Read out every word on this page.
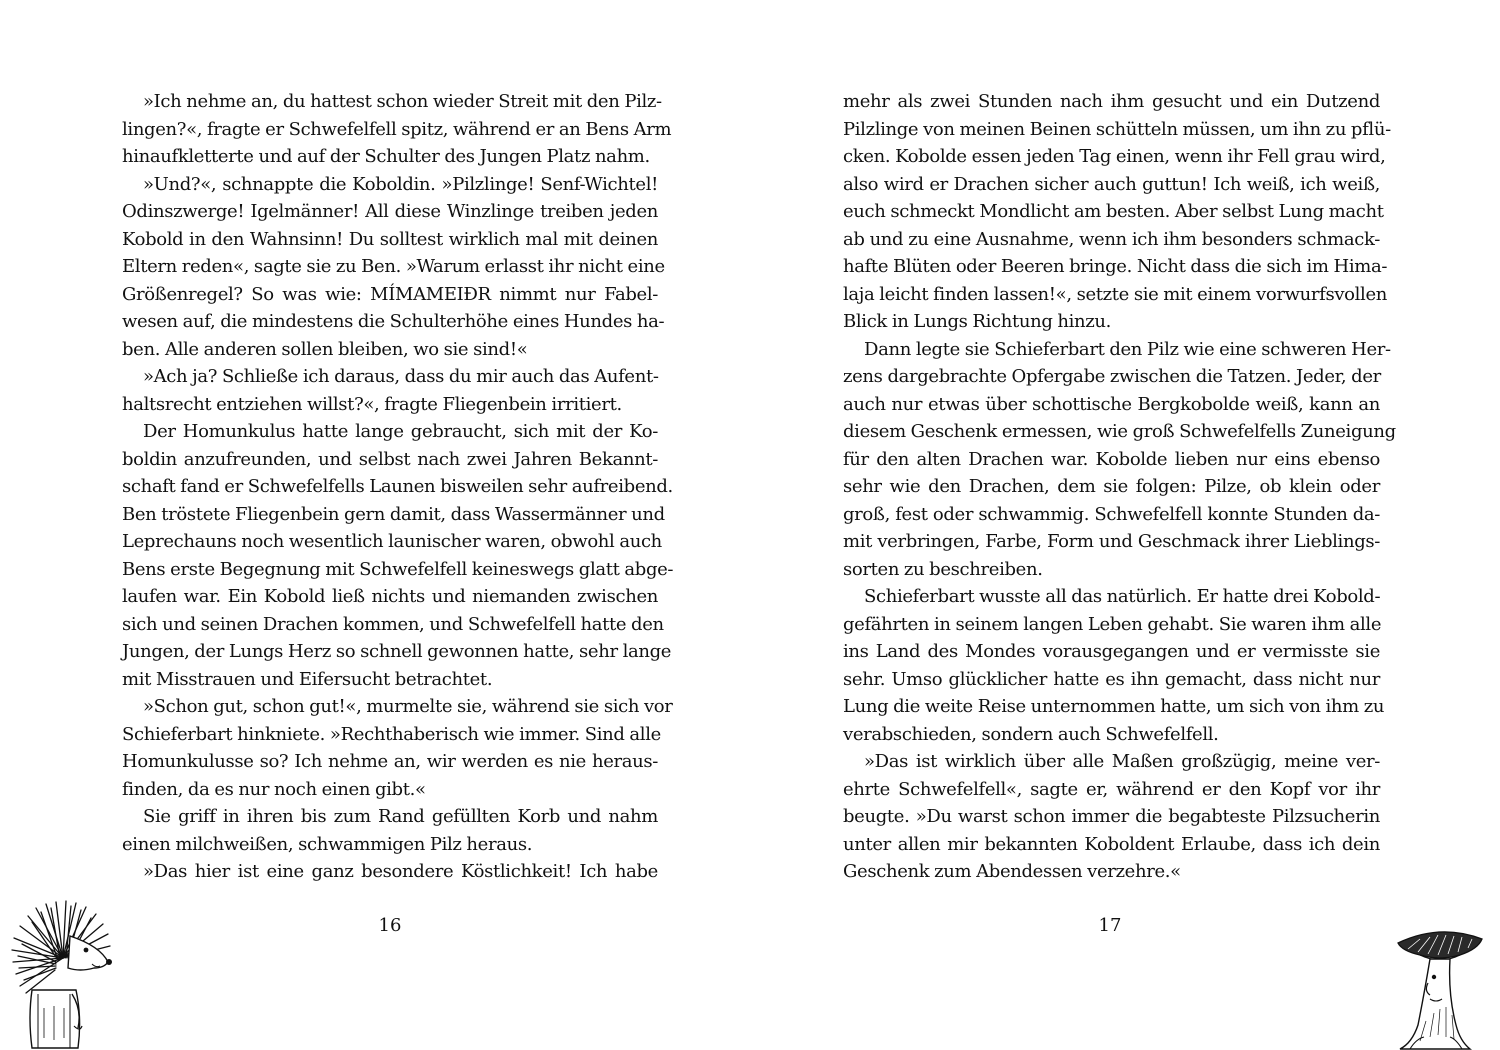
»Ich nehme an, du hattest schon wieder Streit mit den Pilz-
lingen?«, fragte er Schwefelfell spitz, während er an Bens Arm
hinaufkletterte und auf der Schulter des Jungen Platz nahm.
»Und?«, schnappte die Koboldin. »Pilzlinge! Senf-Wichtel!
Odinszwerge! Igelmänner! All diese Winzlinge treiben jeden
Kobold in den Wahnsinn! Du solltest wirklich mal mit deinen
Eltern reden«, sagte sie zu Ben. »Warum erlasst ihr nicht eine
Größenregel? So was wie: MÍMAMEIÐR nimmt nur Fabel-
wesen auf, die mindestens die Schulterhöhe eines Hundes ha-
ben. Alle anderen sollen bleiben, wo sie sind!«
»Ach ja? Schließe ich daraus, dass du mir auch das Aufent-
haltsrecht entziehen willst?«, fragte Fliegenbein irritiert.
Der Homunkulus hatte lange gebraucht, sich mit der Ko-
boldin anzufreunden, und selbst nach zwei Jahren Bekannt-
schaft fand er Schwefelfells Launen bisweilen sehr aufreibend.
Ben tröstete Fliegenbein gern damit, dass Wassermänner und
Leprechauns noch wesentlich launischer waren, obwohl auch
Bens erste Begegnung mit Schwefelfell keineswegs glatt abge-
laufen war. Ein Kobold ließ nichts und niemanden zwischen
sich und seinen Drachen kommen, und Schwefelfell hatte den
Jungen, der Lungs Herz so schnell gewonnen hatte, sehr lange
mit Misstrauen und Eifersucht betrachtet.
»Schon gut, schon gut!«, murmelte sie, während sie sich vor
Schieferbart hinkniete. »Rechthaberisch wie immer. Sind alle
Homunkulusse so? Ich nehme an, wir werden es nie heraus-
finden, da es nur noch einen gibt.«
Sie griff in ihren bis zum Rand gefüllten Korb und nahm
einen milchweißen, schwammigen Pilz heraus.
»Das hier ist eine ganz besondere Köstlichkeit! Ich habe
16
mehr als zwei Stunden nach ihm gesucht und ein Dutzend
Pilzlinge von meinen Beinen schütteln müssen, um ihn zu pflü-
cken. Kobolde essen jeden Tag einen, wenn ihr Fell grau wird,
also wird er Drachen sicher auch guttun! Ich weiß, ich weiß,
euch schmeckt Mondlicht am besten. Aber selbst Lung macht
ab und zu eine Ausnahme, wenn ich ihm besonders schmack-
hafte Blüten oder Beeren bringe. Nicht dass die sich im Hima-
laja leicht finden lassen!«, setzte sie mit einem vorwurfsvollen
Blick in Lungs Richtung hinzu.
Dann legte sie Schieferbart den Pilz wie eine schweren Her-
zens dargebrachte Opfergabe zwischen die Tatzen. Jeder, der
auch nur etwas über schottische Bergkobolde weiß, kann an
diesem Geschenk ermessen, wie groß Schwefelfells Zuneigung
für den alten Drachen war. Kobolde lieben nur eins ebenso
sehr wie den Drachen, dem sie folgen: Pilze, ob klein oder
groß, fest oder schwammig. Schwefelfell konnte Stunden da-
mit verbringen, Farbe, Form und Geschmack ihrer Lieblings-
sorten zu beschreiben.
Schieferbart wusste all das natürlich. Er hatte drei Kobold-
gefährten in seinem langen Leben gehabt. Sie waren ihm alle
ins Land des Mondes vorausgegangen und er vermisste sie
sehr. Umso glücklicher hatte es ihn gemacht, dass nicht nur
Lung die weite Reise unternommen hatte, um sich von ihm zu
verabschieden, sondern auch Schwefelfell.
»Das ist wirklich über alle Maßen großzügig, meine ver-
ehrte Schwefelfell«, sagte er, während er den Kopf vor ihr
beugte. »Du warst schon immer die begabteste Pilzsucherin
unter allen mir bekannten Koboldent Erlaube, dass ich dein
Geschenk zum Abendessen verzehre.«
17
